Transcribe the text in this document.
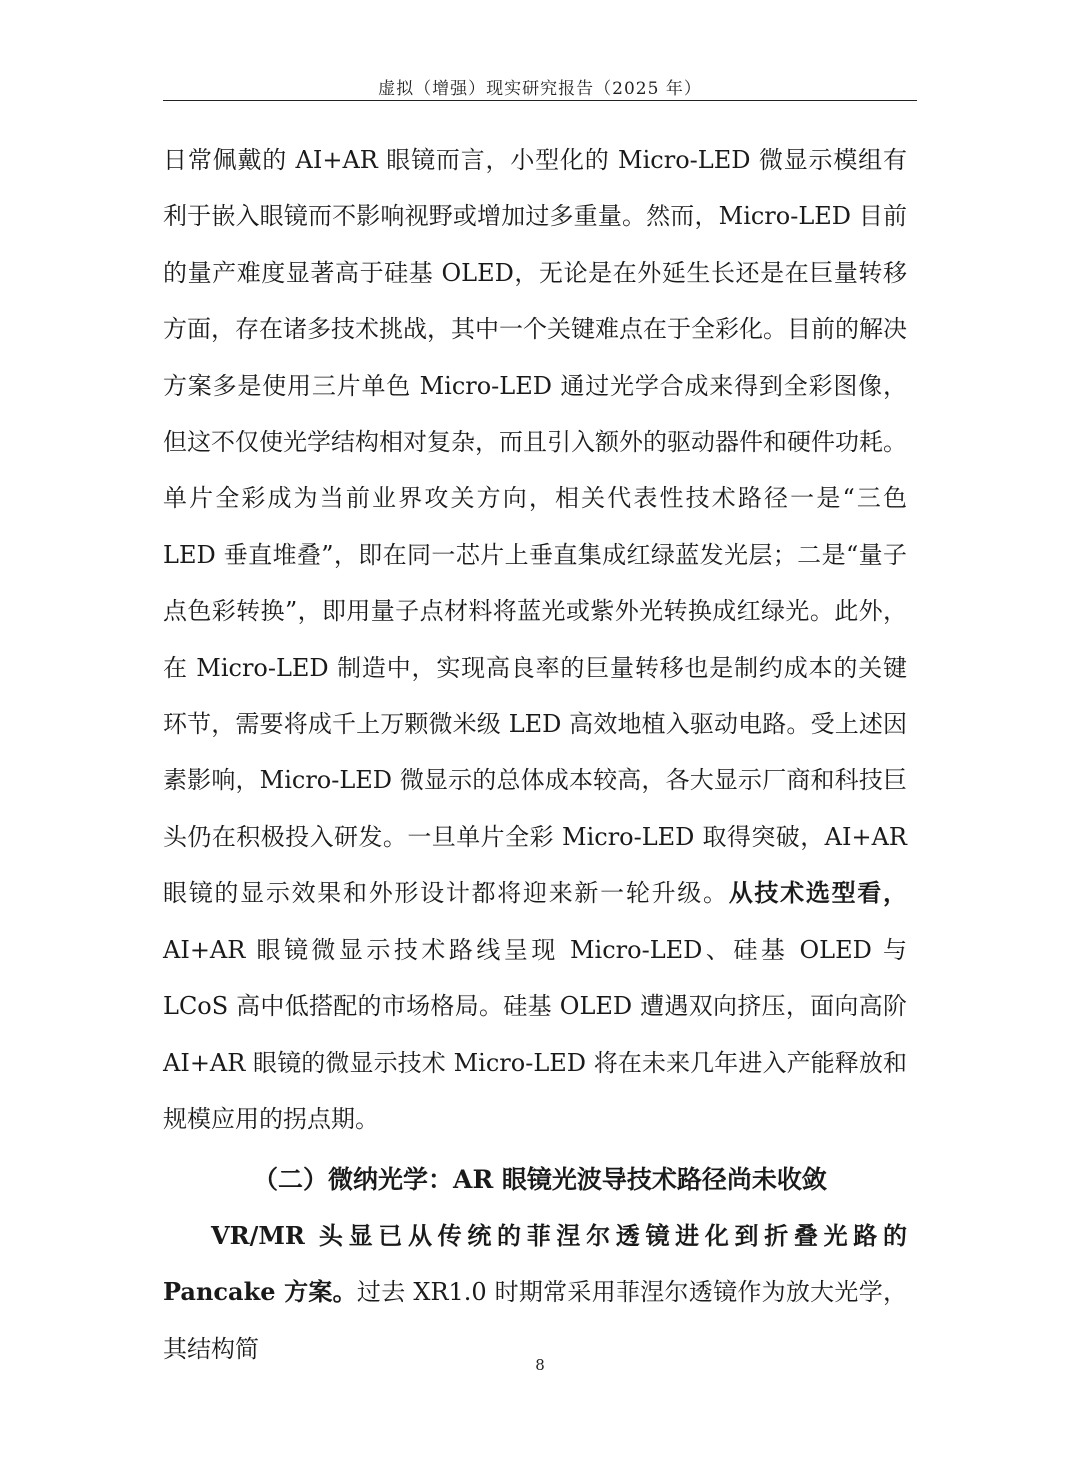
虚拟（增强）现实研究报告（2025 年）

日常佩戴的 AI+AR 眼镜而言，小型化的 Micro-LED 微显示模组有利于嵌入眼镜而不影响视野或增加过多重量。然而，Micro-LED 目前的量产难度显著高于硅基 OLED，无论是在外延生长还是在巨量转移方面，存在诸多技术挑战，其中一个关键难点在于全彩化。目前的解决方案多是使用三片单色 Micro-LED 通过光学合成来得到全彩图像，但这不仅使光学结构相对复杂，而且引入额外的驱动器件和硬件功耗。单片全彩成为当前业界攻关方向，相关代表性技术路径一是“三色 LED 垂直堆叠”，即在同一芯片上垂直集成红绿蓝发光层；二是“量子点色彩转换”，即用量子点材料将蓝光或紫外光转换成红绿光。此外，在 Micro-LED 制造中，实现高良率的巨量转移也是制约成本的关键环节，需要将成千上万颗微米级 LED 高效地植入驱动电路。受上述因素影响，Micro-LED 微显示的总体成本较高，各大显示厂商和科技巨头仍在积极投入研发。一旦单片全彩 Micro-LED 取得突破，AI+AR 眼镜的显示效果和外形设计都将迎来新一轮升级。从技术选型看，AI+AR 眼镜微显示技术路线呈现 Micro-LED、硅基 OLED 与 LCoS 高中低搭配的市场格局。硅基 OLED 遭遇双向挤压，面向高阶 AI+AR 眼镜的微显示技术 Micro-LED 将在未来几年进入产能释放和规模应用的拐点期。

（二）微纳光学：AR 眼镜光波导技术路径尚未收敛

VR/MR 头显已从传统的菲涅尔透镜进化到折叠光路的 Pancake 方案。过去 XR1.0 时期常采用菲涅尔透镜作为放大光学，其结构简

8
